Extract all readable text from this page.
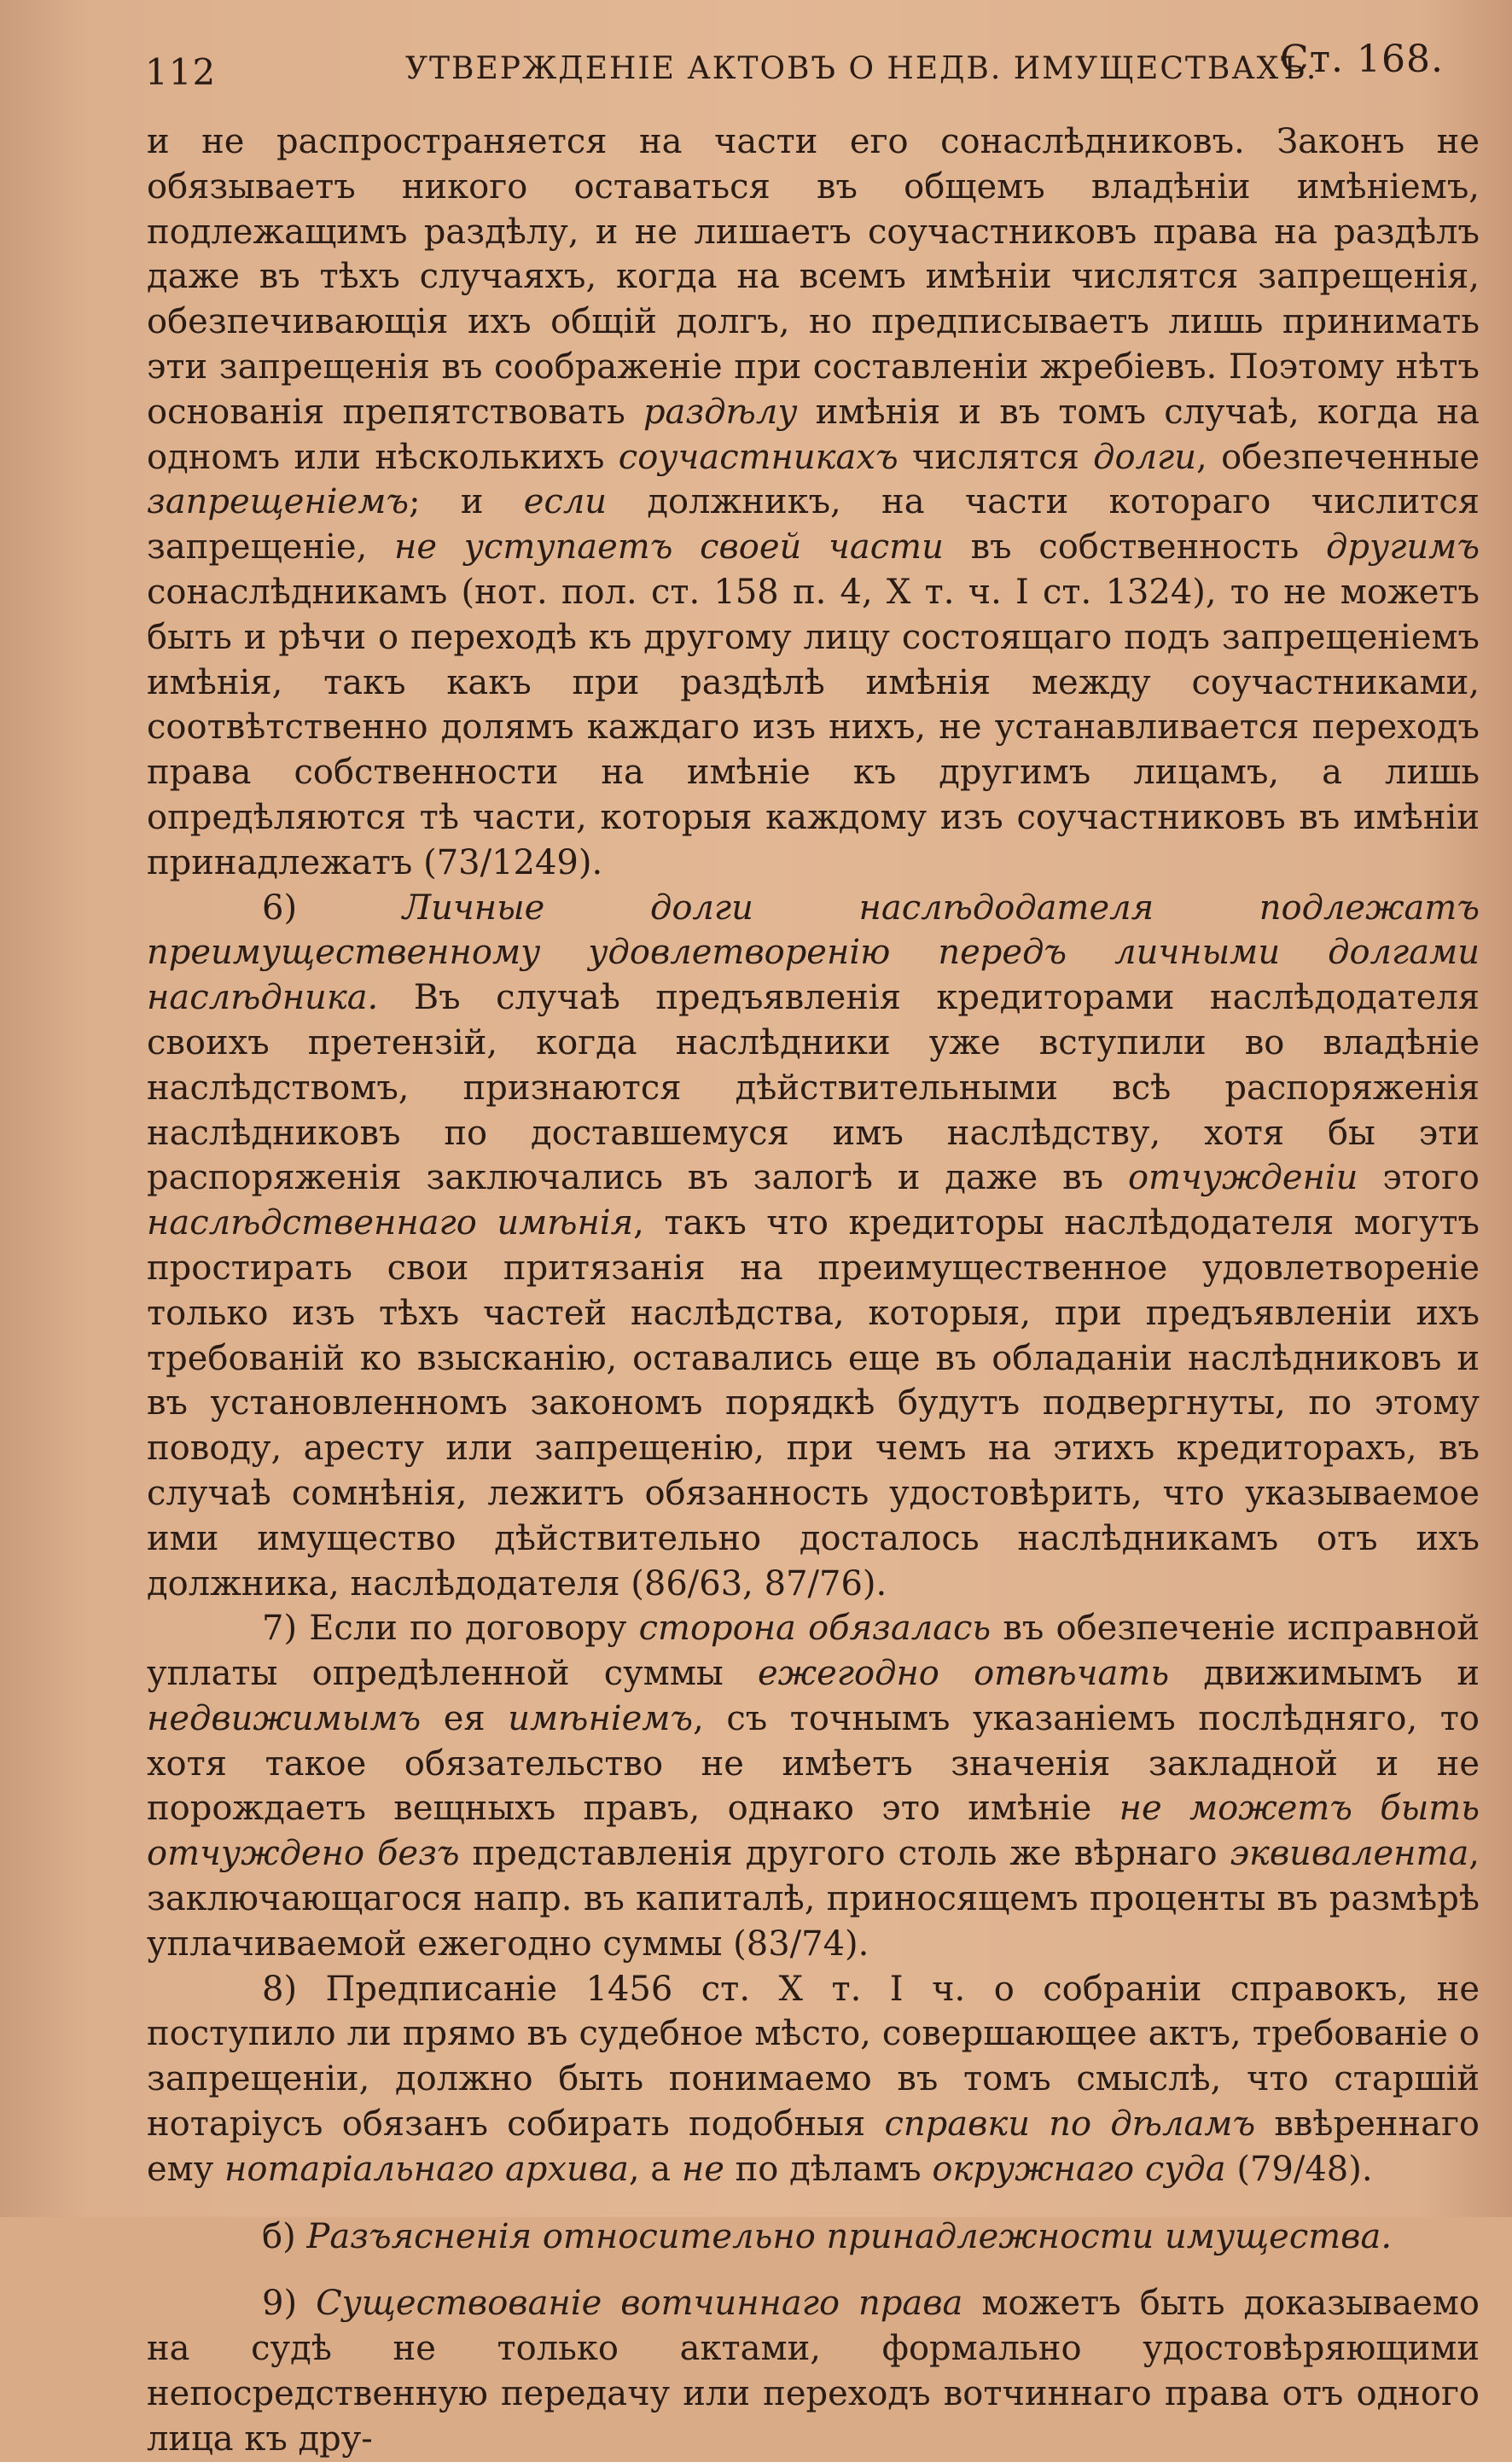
112	УТВЕРЖДЕНІЕ АКТОВЪ О НЕДВ. ИМУЩЕСТВАХЪ.
Ст. 168.

и не распространяется на части его сонаслѣдниковъ. Законъ не обязываетъ никого оставаться въ общемъ владѣніи имѣніемъ, подлежащимъ раздѣлу, и не лишаетъ соучастниковъ права на раздѣлъ даже въ тѣхъ случаяхъ, когда на всемъ имѣніи числятся запрещенія, обезпечивающія ихъ общій долгъ, но предписываетъ лишь принимать эти запрещенія въ соображеніе при составленіи жребіевъ. Поэтому нѣтъ основанія препятствовать раздѣлу имѣнія и въ томъ случаѣ, когда на одномъ или нѣсколькихъ соучастникахъ числятся долги, обезпеченные запрещеніемъ; и если должникъ, на части котораго числится запрещеніе, не уступаетъ своей части въ собственность другимъ сонаслѣдникамъ (нот. пол. ст. 158 п. 4, X т. ч. I ст. 1324), то не можетъ быть и рѣчи о переходѣ къ другому лицу состоящаго подъ запрещеніемъ имѣнія, такъ какъ при раздѣлѣ имѣнія между соучастниками, соотвѣтственно долямъ каждаго изъ нихъ, не устанавливается переходъ права собственности на имѣніе къ другимъ лицамъ, а лишь опредѣляются тѣ части, которыя каждому изъ соучастниковъ въ имѣніи принадлежатъ (73/1249).

6) Личные долги наслѣдодателя подлежатъ преимущественному удовлетворенію передъ личными долгами наслѣдника. Въ случаѣ предъявленія кредиторами наслѣдодателя своихъ претензій, когда наслѣдники уже вступили во владѣніе наслѣдствомъ, признаются дѣйствительными всѣ распоряженія наслѣдниковъ по доставшемуся имъ наслѣдству, хотя бы эти распоряженія заключались въ залогѣ и даже въ отчужденіи этого наслѣдственнаго имѣнія, такъ что кредиторы наслѣдодателя могутъ простирать свои притязанія на преимущественное удовлетвореніе только изъ тѣхъ частей наслѣдства, которыя, при предъявленіи ихъ требованій ко взысканію, оставались еще въ обладаніи наслѣдниковъ и въ установленномъ закономъ порядкѣ будутъ подвергнуты, по этому поводу, аресту или запрещенію, при чемъ на этихъ кредиторахъ, въ случаѣ сомнѣнія, лежитъ обязанность удостовѣрить, что указываемое ими имущество дѣйствительно досталось наслѣдникамъ отъ ихъ должника, наслѣдодателя (86/63, 87/76).

7) Если по договору сторона обязалась въ обезпеченіе исправной уплаты опредѣленной суммы ежегодно отвѣчать движимымъ и недвижимымъ ея имѣніемъ, съ точнымъ указаніемъ послѣдняго, то хотя такое обязательство не имѣетъ значенія закладной и не порождаетъ вещныхъ правъ, однако это имѣніе не можетъ быть отчуждено безъ представленія другого столь же вѣрнаго эквивалента, заключающагося напр. въ капиталѣ, приносящемъ проценты въ размѣрѣ уплачиваемой ежегодно суммы (83/74).

8) Предписаніе 1456 ст. X т. I ч. о собраніи справокъ, не поступило ли прямо въ судебное мѣсто, совершающее актъ, требованіе о запрещеніи, должно быть понимаемо въ томъ смыслѣ, что старшій нотаріусъ обязанъ собирать подобныя справки по дѣламъ ввѣреннаго ему нотаріальнаго архива, а не по дѣламъ окружнаго суда (79/48).

б) Разъясненія относительно принадлежности имущества.

9) Существованіе вотчиннаго права можетъ быть доказываемо на судѣ не только актами, формально удостовѣряющими непосредственную передачу или переходъ вотчиннаго права отъ одного лица къ дру-
